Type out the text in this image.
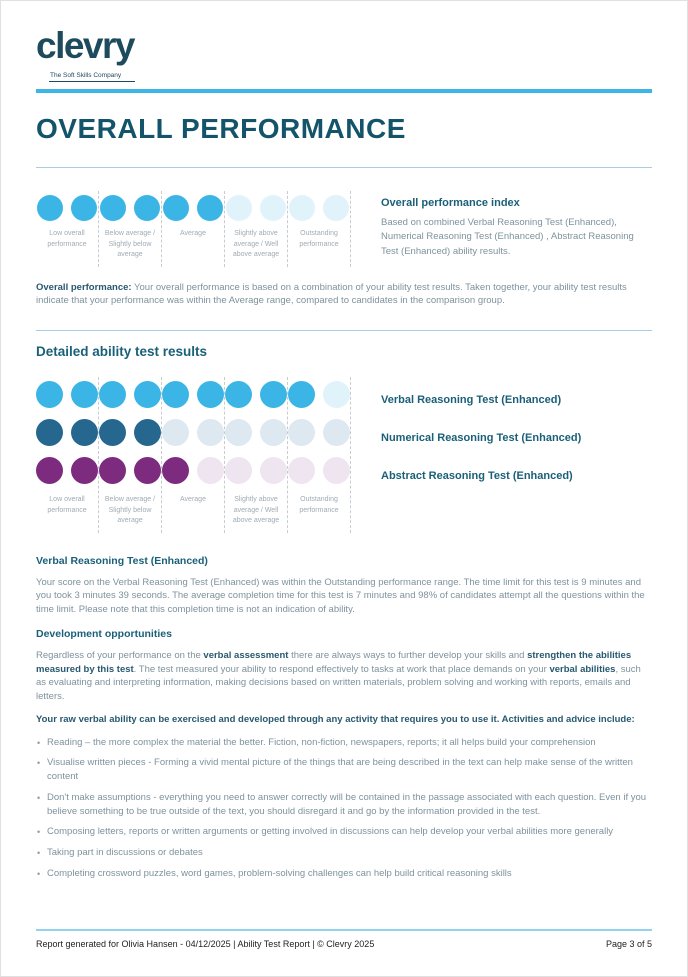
clevry
The Soft Skills Company
OVERALL PERFORMANCE
Low overall performance
Below average / Slightly below average
Average	Slightly above average / Well above average
Outstanding performance
Overall performance index
Based on combined Verbal Reasoning Test (Enhanced), Numerical Reasoning Test (Enhanced) , Abstract Reasoning Test (Enhanced) ability results.

Overall performance: Your overall performance is based on a combination of your ability test results. Taken together, your ability test results indicate that your performance was within the Average range, compared to candidates in the comparison group.

Detailed ability test results
Low overall performance
Below average / Slightly below average
Average	Slightly above average / Well above average
Outstanding performance
Verbal Reasoning Test (Enhanced)
Numerical Reasoning Test (Enhanced)
Abstract Reasoning Test (Enhanced)
Verbal Reasoning Test (Enhanced)

Your score on the Verbal Reasoning Test (Enhanced) was within the Outstanding performance range. The time limit for this test is 9 minutes and you took 3 minutes 39 seconds. The average completion time for this test is 7 minutes and 98% of candidates attempt all the questions within the time limit. Please note that this completion time is not an indication of ability.

Development opportunities

Regardless of your performance on the verbal assessment there are always ways to further develop your skills and strengthen the abilities measured by this test. The test measured your ability to respond effectively to tasks at work that place demands on your verbal abilities, such as evaluating and interpreting information, making decisions based on written materials, problem solving and working with reports, emails and letters.

Your raw verbal ability can be exercised and developed through any activity that requires you to use it. Activities and advice include:

• Reading – the more complex the material the better. Fiction, non-fiction, newspapers, reports; it all helps build your comprehension
• Visualise written pieces - Forming a vivid mental picture of the things that are being described in the text can help make sense of the written content
• Don't make assumptions - everything you need to answer correctly will be contained in the passage associated with each question. Even if you believe something to be true outside of the text, you should disregard it and go by the information provided in the test.
• Composing letters, reports or written arguments or getting involved in discussions can help develop your verbal abilities more generally
• Taking part in discussions or debates
• Completing crossword puzzles, word games, problem-solving challenges can help build critical reasoning skills
Report generated for Olivia Hansen - 04/12/2025 | Ability Test Report | © Clevry 2025	Page 3 of 5
